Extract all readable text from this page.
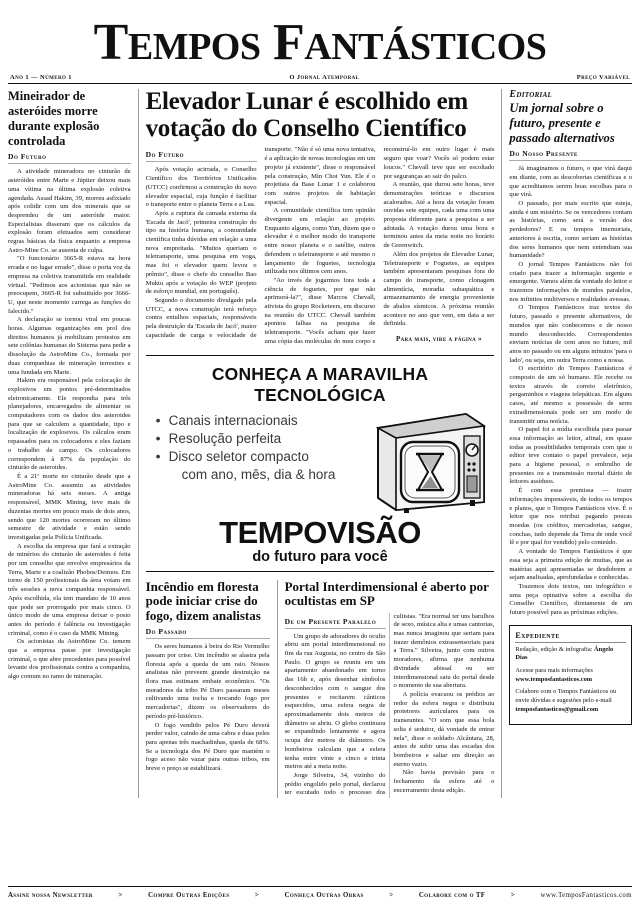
TEMPOS FANTÁSTICOS
Ano 1 — Número 1	O Jornal Atemporal	Preço Variável
Mineirador de asteróides morre durante explosão controlada
Do Futuro

A atividade mineradora no cinturão de asteróides entre Marte e Júpiter deixou mais uma vítima na última explosão coletiva agendada. Assad Hakim, 39, morreu asfixiado após colidir com um dos minerais que se desprendeu de um asteróide maior. Especialistas disseram que os cálculos da explosão foram efetuados sem considerar regras básicas da física enquanto a empresa Astro-Mine Co. se ausenta de culpa.

"O funcionário 3665-R estava na hora errada e no lugar errado", disse o porta voz da empresa na coletiva transmitida em realidade virtual. "Pedimos aos acionistas que não se preocupem, 3665-R foi substituído por 3666-U, que neste momento carrega as funções do falecido."

A declaração se tornou viral em poucas horas. Algumas organizações em prol dos direitos humanos já mobilizam protestos em sete colônias humanas do Sistema para pedir a dissolução da AstroMine Co., formada por duas companhias de mineração terrestres e uma fundada em Marte.

Hakim era responsável pela colocação de explosivos em pontos pré-determinados eletronicamente. Ele respondia para três planejadores, encarregados de alimentar os computadores com os dados dos asteroides para que se calculem a quantidade, tipo e localização de explosivos. Os cálculos eram repassados para os colocadores e eles faziam o trabalho de campo. Os colocadores correspondem à 87% da população do cinturão de asteroides.

É a 21ª morte no cinturão desde que a AstroMine Co. assumiu as atividades mineradoras há seis meses. A antiga responsável, MMK Mining, teve mais de duzentas mortes em pouco mais de dois anos, sendo que 120 mortes ocorreram no último semestre de atividade e estão sendo investigadas pela Polícia Unificada.

A escolha da empresa que fará a extração de minérios do cinturão de asteroides é feita por um conselho que envolve empresários da Terra, Marte e a coalizão Phobos/Deimos. Em torno de 150 profissionais da área votam em três sessões a nova companhia responsável. Após escolhida, ela tem mandato de 10 anos que pode ser prorrogado por mais cinco. O único modo de uma empresa deixar o posto antes do período é falência ou investigação criminal, como é o caso da MMK Mining.

Os acionistas da AstroMine Co. temem que a empresa passe por investigação criminal, o que abre precedentes para possível levante dos profissionais contra a companhia, algo comum no ramo de mineração.

Elevador Lunar é escolhido em votação do Conselho Científico
Do Futuro

Após votação acirrada, o Conselho Científico dos Territórios Unificados (UTCC) confirmou a construção do novo elevador espacial, cuja função é facilitar o transporte entre o planeta Terra e a Lua.

Após a ruptura da camada externa da 'Escada de Jacó', primeira construção do tipo na história humana, a comunidade científica tinha dúvidas em relação a uma nova empreitada. "Muitos queriam o teletransporte, uma pesquisa em voga, mas foi o elevador quem levou o prêmio", disse o chefe do conselho Bao Muktu após a votação do WEP (projeto de esforço mundial, em português).

Segundo o documento divulgado pela UTCC, a nova construção terá reforço contra entulhos espaciais, responsáveis pela destruição da 'Escada de Jacó', maior capacidade de carga e velocidade de transporte. "Não é só uma nova tentativa, é a aplicação de novas tecnologias em um projeto já existente", disse o responsável pela construção, Min Choi Yun. Ele é o projetista da Base Lunar 1 e colaborou com outros projetos de habitação espacial.

A comunidade científica tem opinião divergente em relação ao projeto. Enquanto alguns, como Yun, dizem que o elevador é o melhor modo do transporte entre nosso planeta e o satélite, outros defendem o teletransporte e até mesmo o lançamento de foguetes, tecnologia utilizada nos últimos cem anos.

"Ao invés de jogarmos fora toda a ciência de foguetes, por que não aprimorá-la?", disse Marcos Chevall, ativista do grupo Rocketeers, em discurso na reunião do UTCC. Chevall também apontou falhas na pesquisa de teletransporte. "Vocês acham que fazer uma cópia das moléculas do meu corpo e reconstruí-lo em outro lugar é mais seguro que voar? Vocês só podem estar loucos." Chevall teve que ser escoltado por seguranças ao sair do palco.

A reunião, que durou sete horas, teve demonstrações teóricas e discursos acalorados. Até a hora da votação foram ouvidas sete equipes, cada uma com uma proposta diferente para a pesquisa a ser adotada. A votação durou uma hora e terminou antes da meia noite no horário de Greenwitch.

Além dos projetos de Elevador Lunar, Teletransporte e Foguetes, as equipes também apresentaram pesquisas fora do campo do transporte, como clonagem alimentícia, moradia subaquática e armazenamento de energia proveniente de abalos sísmicos. A próxima reunião acontece no ano que vem, em data a ser definida.

Para mais, vire a página »
CONHEÇA A MARAVILHA TECNOLÓGICA
• Canais internacionais
• Resolução perfeita
• Disco seletor compacto
com ano, mês, dia & hora
TEMPOVISÃO
do futuro para você
Incêndio em floresta pode iniciar crise do fogo, dizem analistas
Do Passado

Os seres humanos à beira do Rio Vermelho passam por crise. Um incêndio se alastra pela floresta após a queda de um raio. Nossos analistas não preveem grande destruição na flora mas estimam embate econômico. "Os moradores da tribo Pé Duro passaram meses cultivando uma tocha e trocando fogo por mercadorias", dizem os observadores do período pré-histórico.

O fogo vendido pelos Pé Duro deverá perder valor, caindo de uma cabra e duas peles para apenas três machadinhas, queda de 68%. Se a tecnologia dos Pé Duro que mantém o fogo aceso não vazar para outras tribos, em breve o preço se estabilizará.

Portal Interdimensional é aberto por ocultistas em SP
De um Presente Paralelo

Um grupo de adoradores do oculto abriu um portal interdimensional no fim da rua Augusta, no centro de São Paulo. O grupo se reuniu em um apartamento abandonado em torno das 16h e, após desenhar símbolos desconhecidos com o sangue dos presentes e recitarem cânticos esquecidos, uma esfera negra de aproximadamente dois metros de diâmetro se abriu. O globo continuou se expandindo lentamente e agora ocupa dez metros de diâmetro. Os bombeiros calculam que a esfera tenha entre vinte e cinco e trinta metros até a meia noite.

Jorge Silveira, 34, vizinho do prédio engolido pelo portal, declarou ter escutado todo o processo dos cultistas. "Era normal ter uns barulhos de sexo, música alta e umas cantorias, mas nunca imaginou que seriam para trazer demônios extrassensoriais para a Terra." Silveira, junto com outros moradores, afirma que nenhuma divindade abissal ou ser interdimensional saiu do portal desde o momento de sua abertura.

A polícia evacuou os prédios ao redor da esfera negra e distribuiu protetores auriculares para os transeuntes. "O som que essa bola solta é sedutor, dá vontade de entrar nela", disse o soldado Alcântara, 28, antes de subir uma das escadas dos bombeiros e saltar em direção ao eterno vazio.

Não havia previsão para o fechamento da esfera até o encerramento desta edição.

Editorial
Um jornal sobre o futuro, presente e passado alternativos
Do Nosso Presente

Já imaginamos o futuro, o que virá daqui em diante, com as descobertas científicas e o que acreditamos serem boas escolhas para o que virá.

O passado, por mais escrito que esteja, ainda é um mistério. Se os vencedores contam as histórias, como será a versão dos perdedores? E os tempos imemoriais, anteriores à escrita, como seriam as histórias dos seres humanos que nem entendiam sua humanidade?

O jornal Tempos Fantásticos não foi criado para trazer a informação urgente e emergente. Vamos além da vontade do leitor e trazemos informações de mundos paralelos, nos infinitos multiversos e realidades avessas.

O Tempos Fantásticos traz textos do futuro, passado e presente alternativos, de mundos que não conhecemos e de nosso mundo desconhecido. Correspondentes enviam notícias de cem anos no futuro, mil anos no passado ou em alguns minutos 'para o lado', ou seja, em outra Terra como a nossa.

O escritório do Tempos Fantásticos é composto de um só humano. Ele recebe os textos através de correio eletrônico, pergaminhos e viagens telepáticas. Em alguns casos, até mesmo a possessão de seres extradimensionais pode ser um modo de transmitir uma notícia.

O papel foi a mídia escolhida para passar essa informação ao leitor, afinal, em quase todas as possibilidades temporais com que o editor teve contato o papel prevalece, seja para a higiene pessoal, o embrulho de presentes ou a transmissão mortal diário de leitores assíduos.

É com essa premissa — trazer informações impensáveis, de todos os tempos e planos, que o Tempos Fantásticos vive. É o leitor que nos retribui pagando poucas moedas (ou créditos, mercadorias, sangue, conchas, tudo depende da Terra de onde você lê e por qual for vendido) pelo conteúdo.

A vontade do Tempos Fantásticos é que essa seja a primeira edição de muitas, que as matérias aqui apresentadas se desdobrem e sejam analisadas, aprofundadas e conhecidas.

Trazemos dois textos, um infográfico e uma peça opinativa sobre a escolha do Conselho Científico, diretamente de um futuro possível para as próximas edições.

Expediente
Redação, edição & infografia: Ângelo Dias
Acesse para mais informações
www.temposfantasticos.com
Colabore com o Tempos Fantásticos ou envie dúvidas e sugestões pelo e-mail
temposfantasticos@gmail.com
Assine nossa Newsletter	>	Compre Outras Edições	>	Conheça Outras Obras	>	Colabore com o TF	>	www.TemposFantasticos.com
